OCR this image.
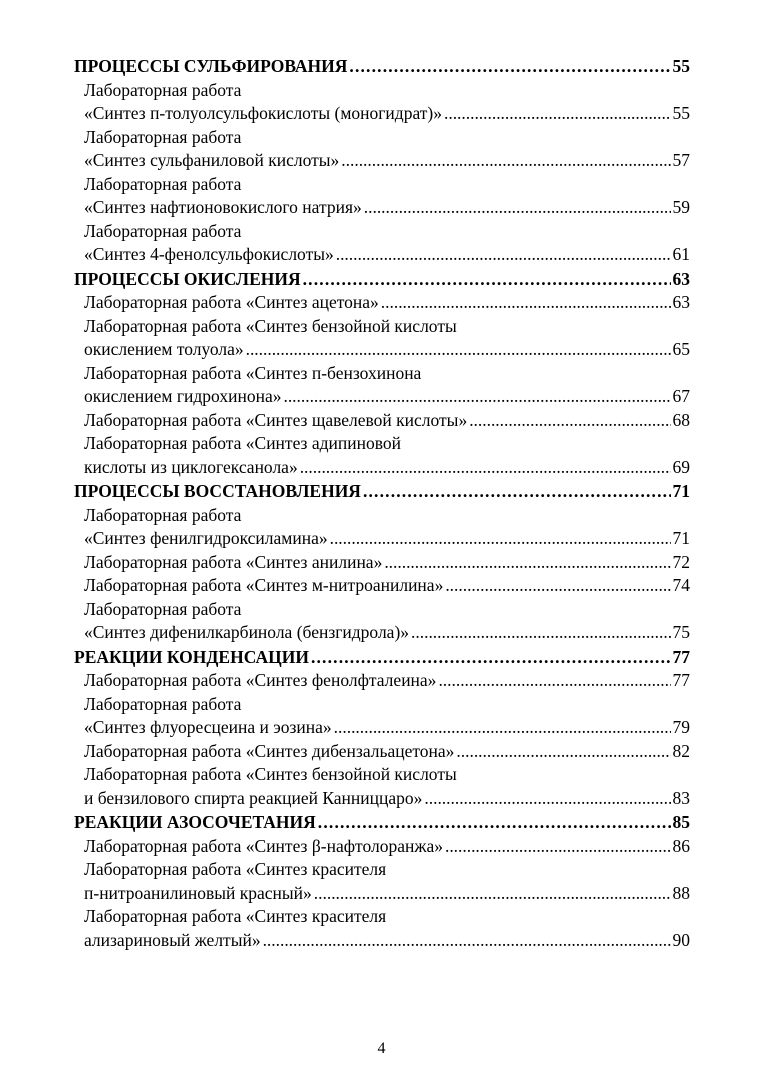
ПРОЦЕССЫ СУЛЬФИРОВАНИЯ . . .	55
Лабораторная работа
«Синтез п-толуолсульфокислоты (моногидрат)» . . .	55
Лабораторная работа
«Синтез сульфаниловой кислоты» . . .	57
Лабораторная работа
«Синтез нафтионовокислого натрия» . . .	59
Лабораторная работа
«Синтез 4-фенолсульфокислоты» . . .	61
ПРОЦЕССЫ ОКИСЛЕНИЯ . . .	63
Лабораторная работа «Синтез ацетона» . . .	63
Лабораторная работа «Синтез бензойной кислоты
окислением толуола» . . .	65
Лабораторная работа «Синтез п-бензохинона
окислением гидрохинона» . . .	67
Лабораторная работа «Синтез щавелевой кислоты» . . .	68
Лабораторная работа «Синтез адипиновой
кислоты из циклогексанола» . . .	69
ПРОЦЕССЫ ВОССТАНОВЛЕНИЯ . . .	71
Лабораторная работа
«Синтез фенилгидроксиламина» . . .	71
Лабораторная работа «Синтез анилина» . . .	72
Лабораторная работа «Синтез м-нитроанилина» . . .	74
Лабораторная работа
«Синтез дифенилкарбинола (бензгидрола)» . . .	75
РЕАКЦИИ КОНДЕНСАЦИИ . . .	77
Лабораторная работа «Синтез фенолфталеина» . . .	77
Лабораторная работа
«Синтез флуоресцеина и эозина» . . .	79
Лабораторная работа «Синтез дибензальацетона» . . .	82
Лабораторная работа «Синтез бензойной кислоты
и бензилового спирта реакцией Канниццаро» . . .	83
РЕАКЦИИ АЗОСОЧЕТАНИЯ . . .	85
Лабораторная работа «Синтез β-нафтолоранжа» . . .	86
Лабораторная работа «Синтез красителя
п-нитроанилиновый красный» . . .	88
Лабораторная работа «Синтез красителя
ализариновый желтый» . . .	90
4
